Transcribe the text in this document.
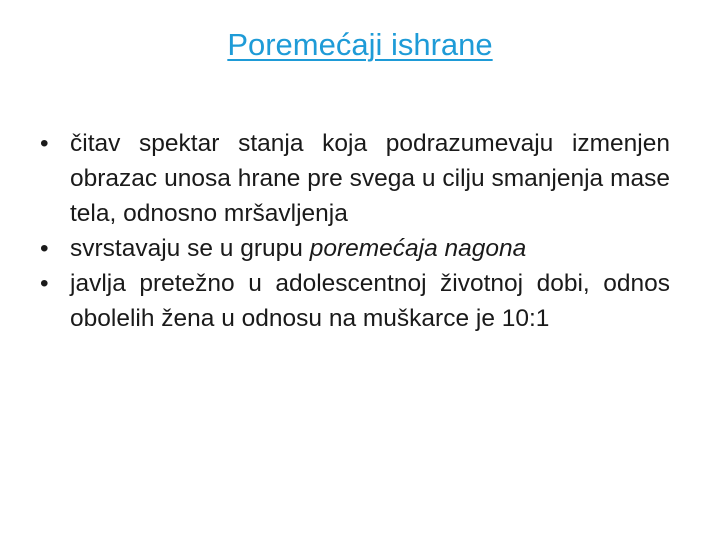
Poremećaji ishrane
• čitav spektar stanja koja podrazumevaju izmenjen obrazac unosa hrane pre svega u cilju smanjenja mase tela, odnosno mršavljenja
• svrstavaju se u grupu poremećaja nagona
• javlja pretežno u adolescentnoj životnoj dobi, odnos obolelih žena u odnosu na muškarce je 10:1
